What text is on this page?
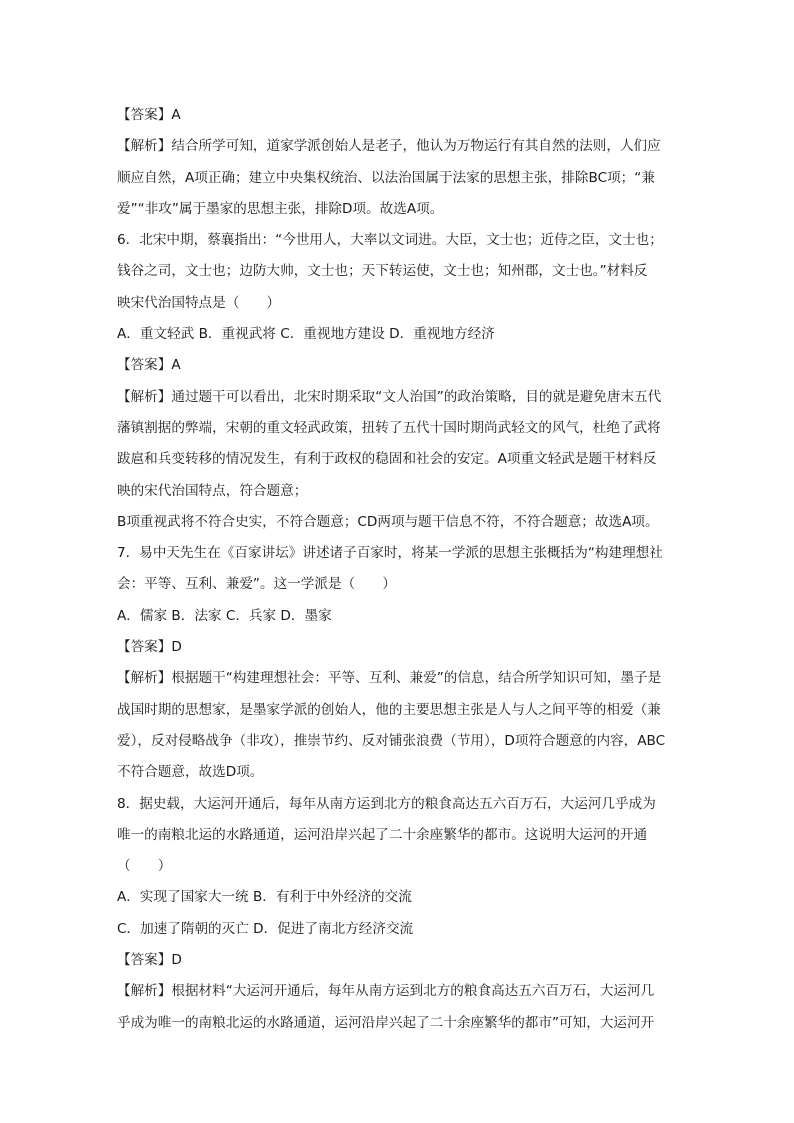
【答案】A
【解析】结合所学可知，道家学派创始人是老子，他认为万物运行有其自然的法则，人们应
顺应自然，A项正确；建立中央集权统治、以法治国属于法家的思想主张，排除BC项；“兼
爱”“非攻”属于墨家的思想主张，排除D项。故选A项。
6．北宋中期，蔡襄指出：“今世用人，大率以文词进。大臣，文士也；近侍之臣，文士也；
钱谷之司，文士也；边防大帅，文士也；天下转运使，文士也；知州郡，文士也。”材料反
映宋代治国特点是（　　）
A．重文轻武 B．重视武将 C．重视地方建设 D．重视地方经济
【答案】A
【解析】通过题干可以看出，北宋时期采取“文人治国”的政治策略，目的就是避免唐末五代
藩镇割据的弊端，宋朝的重文轻武政策，扭转了五代十国时期尚武轻文的风气，杜绝了武将
跋扈和兵变转移的情况发生，有利于政权的稳固和社会的安定。A项重文轻武是题干材料反
映的宋代治国特点，符合题意；
B项重视武将不符合史实，不符合题意；CD两项与题干信息不符，不符合题意；故选A项。
7．易中天先生在《百家讲坛》讲述诸子百家时，将某一学派的思想主张概括为“构建理想社
会：平等、互利、兼爱”。这一学派是（　　）
A．儒家 B．法家 C．兵家 D．墨家
【答案】D
【解析】根据题干“构建理想社会：平等、互利、兼爱”的信息，结合所学知识可知，墨子是
战国时期的思想家，是墨家学派的创始人，他的主要思想主张是人与人之间平等的相爱（兼
爱），反对侵略战争（非攻），推崇节约、反对铺张浪费（节用），D项符合题意的内容，ABC
不符合题意，故选D项。
8．据史载，大运河开通后，每年从南方运到北方的粮食高达五六百万石，大运河几乎成为
唯一的南粮北运的水路通道，运河沿岸兴起了二十余座繁华的都市。这说明大运河的开通
（　　）
A．实现了国家大一统 B．有利于中外经济的交流
C．加速了隋朝的灭亡 D．促进了南北方经济交流
【答案】D
【解析】根据材料“大运河开通后，每年从南方运到北方的粮食高达五六百万石，大运河几
乎成为唯一的南粮北运的水路通道，运河沿岸兴起了二十余座繁华的都市”可知，大运河开
